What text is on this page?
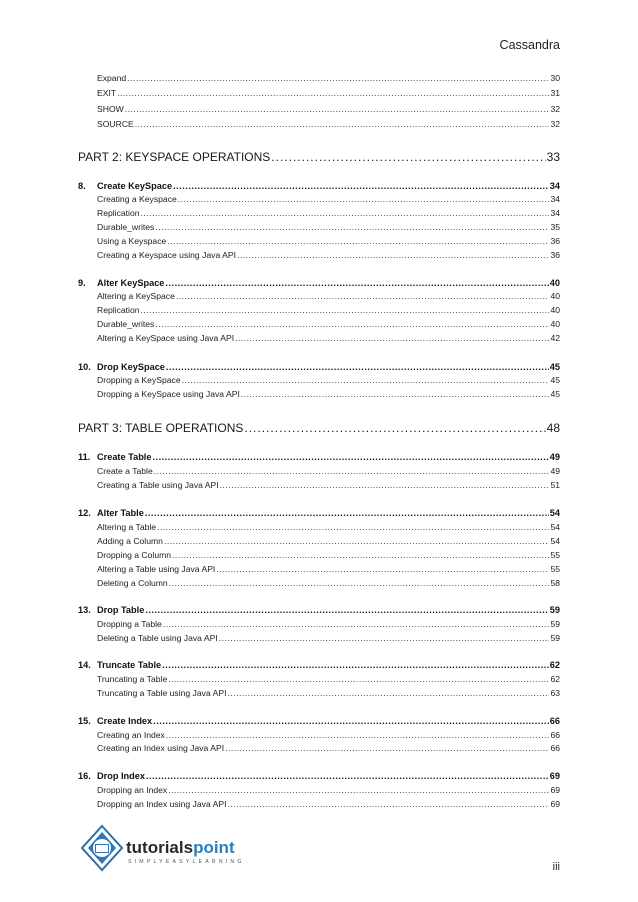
Cassandra
Expand .....	30
EXIT .....	31
SHOW .....	32
SOURCE .....	32
PART 2: KEYSPACE OPERATIONS .....	33
8.	Create KeySpace .....	34
Creating a Keyspace .....	34
Replication .....	34
Durable_writes .....	35
Using a Keyspace .....	36
Creating a Keyspace using Java API .....	36
9.	Alter KeySpace .....	40
Altering a KeySpace .....	40
Replication .....	40
Durable_writes .....	40
Altering a KeySpace using Java API .....	42
10. Drop KeySpace .....	45
Dropping a KeySpace .....	45
Dropping a KeySpace using Java API .....	45
PART 3: TABLE OPERATIONS .....	48
11. Create Table .....	49
Create a Table .....	49
Creating a Table using Java API .....	51
12. Alter Table .....	54
Altering a Table .....	54
Adding a Column .....	54
Dropping a Column .....	55
Altering a Table using Java API .....	55
Deleting a Column .....	58
13. Drop Table .....	59
Dropping a Table .....	59
Deleting a Table using Java API .....	59
14. Truncate Table .....	62
Truncating a Table .....	62
Truncating a Table using Java API .....	63
15. Create Index .....	66
Creating an Index .....	66
Creating an Index using Java API .....	66
16. Drop Index .....	69
Dropping an Index .....	69
Dropping an Index using Java API .....	69
tutorialspoint
SIMPLYEASYLEARNING	iii
